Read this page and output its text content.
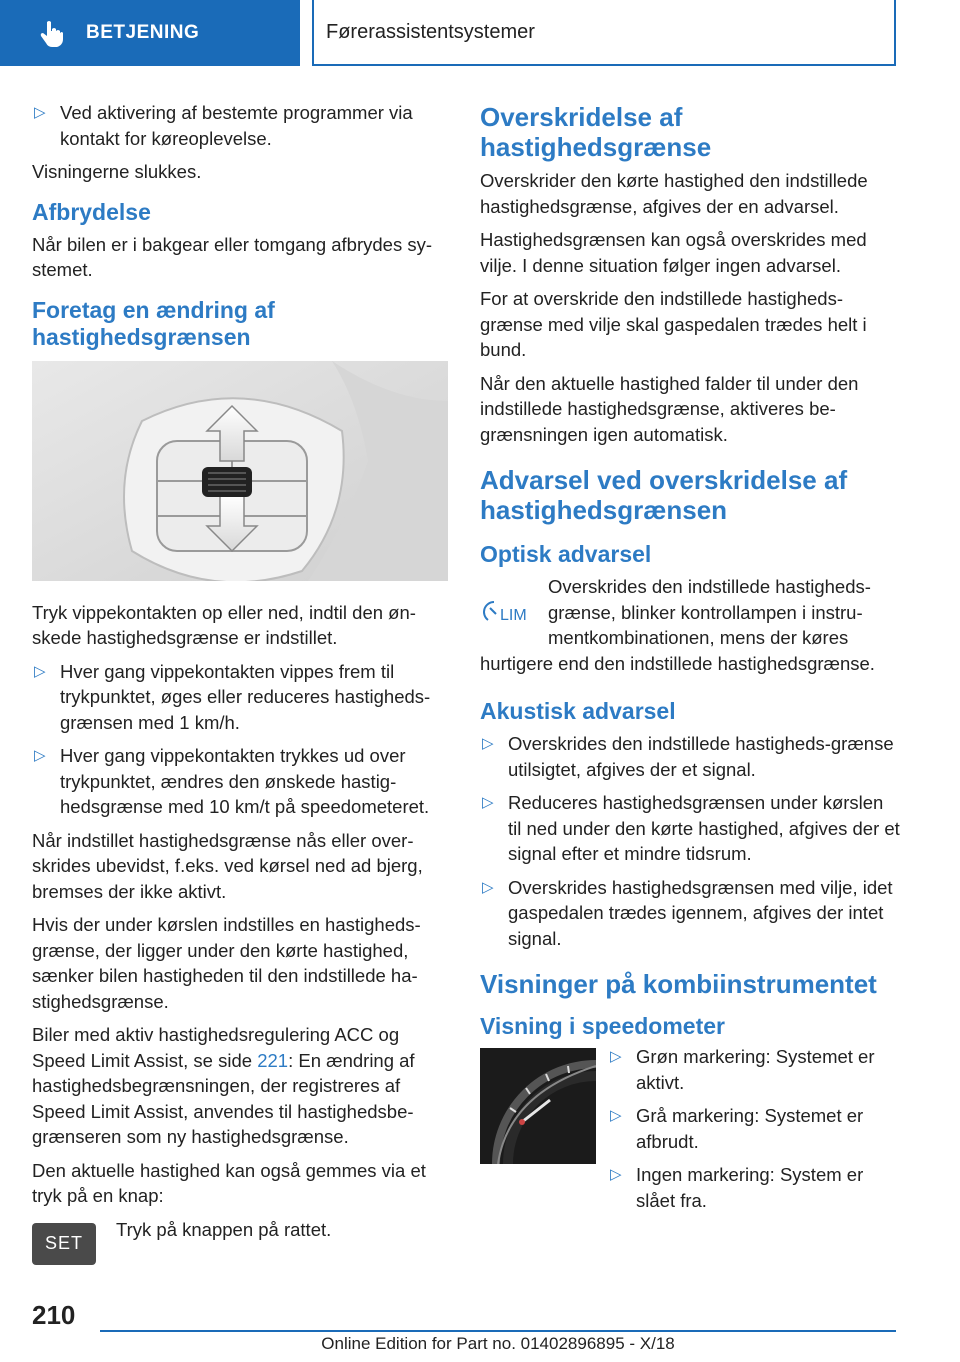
BETJENING	Førerassistentsystemer
▷ Ved aktivering af bestemte programmer via kontakt for køreoplevelse.

Visningerne slukkes.

Afbrydelse

Når bilen er i bakgear eller tomgang afbrydes sy‐stemet.

Foretag en ændring af hastighedsgrænsen

Tryk vippekontakten op eller ned, indtil den øn‐skede hastighedsgrænse er indstillet.

▷ Hver gang vippekontakten vippes frem til trykpunktet, øges eller reduceres hastigheds‐grænsen med 1 km/h.
▷ Hver gang vippekontakten trykkes ud over trykpunktet, ændres den ønskede hastig‐hedsgrænse med 10 km/t på speedometeret.

Når indstillet hastighedsgrænse nås eller over‐skrides ubevidst, f.eks. ved kørsel ned ad bjerg, bremses der ikke aktivt.

Hvis der under kørslen indstilles en hastigheds‐grænse, der ligger under den kørte hastighed, sænker bilen hastigheden til den indstillede ha‐stighedsgrænse.

Biler med aktiv hastighedsregulering ACC og Speed Limit Assist, se side 221: En ændring af hastighedsbegrænsningen, der registreres af Speed Limit Assist, anvendes til hastighedsbe‐grænseren som ny hastighedsgrænse.

Den aktuelle hastighed kan også gemmes via et tryk på en knap:

SET

Tryk på knappen på rattet.

Overskridelse af hastighedsgrænse

Overskrider den kørte hastighed den indstillede hastighedsgrænse, afgives der en advarsel.

Hastighedsgrænsen kan også overskrides med vilje. I denne situation følger ingen advarsel.

For at overskride den indstillede hastigheds‐grænse med vilje skal gaspedalen trædes helt i bund.

Når den aktuelle hastighed falder til under den indstillede hastighedsgrænse, aktiveres be‐grænsningen igen automatisk.

Advarsel ved overskridelse af hastighedsgrænsen
Optisk advarsel
LIM

Overskrides den indstillede hastigheds‐grænse, blinker kontrollampen i instru‐mentkombinationen, mens der køres

hurtigere end den indstillede hastighedsgrænse.

Akustisk advarsel
▷ Overskrides den indstillede hastigheds‐grænse utilsigtet, afgives der et signal.
▷ Reduceres hastighedsgrænsen under kørslen til ned under den kørte hastighed, afgives der et signal efter et mindre tidsrum.
▷ Overskrides hastighedsgrænsen med vilje, idet gaspedalen trædes igennem, afgives der intet signal.
Visninger på kombiinstrumentet
Visning i speedometer
▷ Grøn markering: Systemet er aktivt.
▷ Grå markering: Systemet er afbrudt.
▷ Ingen markering: System er slået fra.
210
Online Edition for Part no. 01402896895 - X/18
